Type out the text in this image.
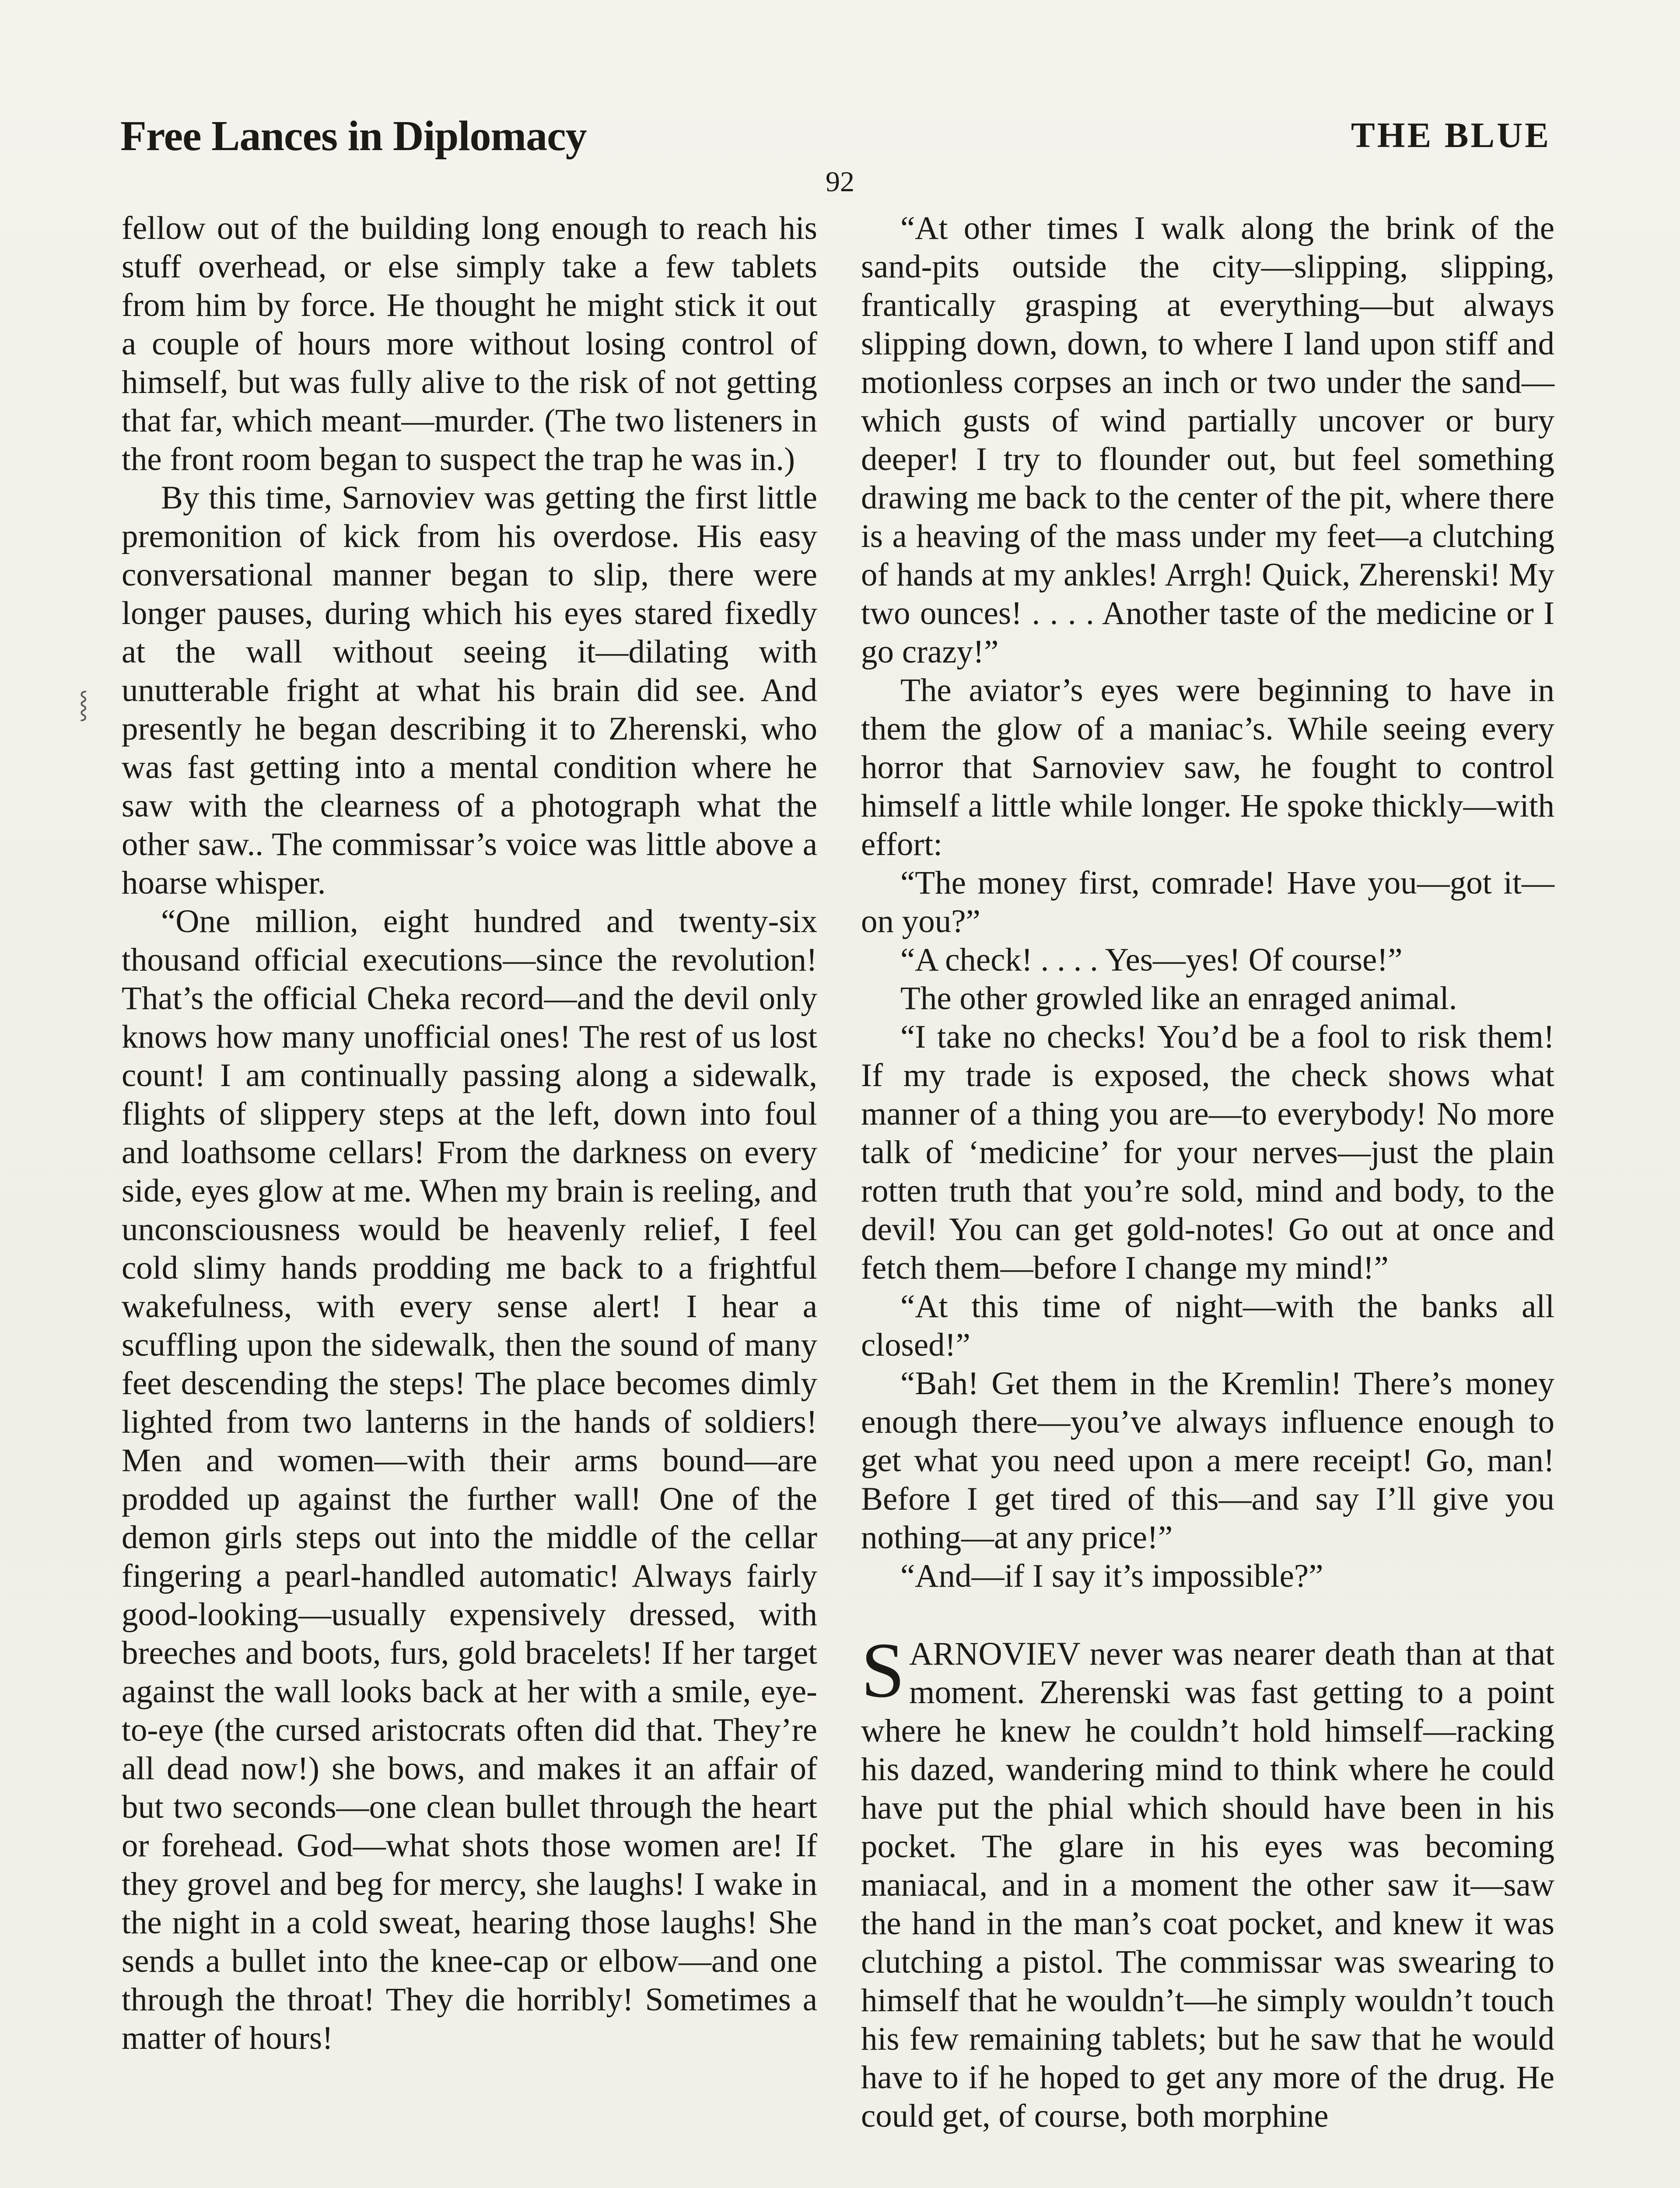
Free Lances in Diplomacy	THE BLUE
92
⸾

fellow out of the building long enough to reach his stuff overhead, or else simply take a few tablets from him by force. He thought he might stick it out a couple of hours more without losing control of himself, but was fully alive to the risk of not getting that far, which meant—murder. (The two listeners in the front room began to suspect the trap he was in.)

By this time, Sarnoviev was getting the first little premonition of kick from his overdose. His easy conversational manner began to slip, there were longer pauses, during which his eyes stared fixedly at the wall without seeing it—dilating with unutterable fright at what his brain did see. And presently he began describing it to Zherenski, who was fast getting into a mental condition where he saw with the clearness of a photograph what the other saw.. The commissar’s voice was little above a hoarse whisper.

“One million, eight hundred and twenty-six thousand official executions—since the revolution! That’s the official Cheka record—and the devil only knows how many unofficial ones! The rest of us lost count! I am continually passing along a sidewalk, flights of slippery steps at the left, down into foul and loathsome cellars! From the darkness on every side, eyes glow at me. When my brain is reeling, and unconsciousness would be heavenly relief, I feel cold slimy hands prodding me back to a frightful wakefulness, with every sense alert! I hear a scuffling upon the sidewalk, then the sound of many feet descending the steps! The place becomes dimly lighted from two lanterns in the hands of soldiers! Men and women—with their arms bound—are prodded up against the further wall! One of the demon girls steps out into the middle of the cellar fingering a pearl-handled automatic! Always fairly good-looking—usually expensively dressed, with breeches and boots, furs, gold bracelets! If her target against the wall looks back at her with a smile, eye-to-eye (the cursed aristocrats often did that. They’re all dead now!) she bows, and makes it an affair of but two seconds—one clean bullet through the heart or forehead. God—what shots those women are! If they grovel and beg for mercy, she laughs! I wake in the night in a cold sweat, hearing those laughs! She sends a bullet into the knee-cap or elbow—and one through the throat! They die horribly! Sometimes a matter of hours!

“At other times I walk along the brink of the sand-pits outside the city—slipping, slipping, frantically grasping at everything—but always slipping down, down, to where I land upon stiff and motionless corpses an inch or two under the sand—which gusts of wind partially uncover or bury deeper! I try to flounder out, but feel something drawing me back to the center of the pit, where there is a heaving of the mass under my feet—a clutching of hands at my ankles! Arrgh! Quick, Zherenski! My two ounces! . . . . Another taste of the medicine or I go crazy!”

The aviator’s eyes were beginning to have in them the glow of a maniac’s. While seeing every horror that Sarnoviev saw, he fought to control himself a little while longer. He spoke thickly—with effort:

“The money first, comrade! Have you—got it—on you?”

“A check! . . . . Yes—yes! Of course!”

The other growled like an enraged animal.

“I take no checks! You’d be a fool to risk them! If my trade is exposed, the check shows what manner of a thing you are—to everybody! No more talk of ‘medicine’ for your nerves—just the plain rotten truth that you’re sold, mind and body, to the devil! You can get gold-notes! Go out at once and fetch them—before I change my mind!”

“At this time of night—with the banks all closed!”

“Bah! Get them in the Kremlin! There’s money enough there—you’ve always influence enough to get what you need upon a mere receipt! Go, man! Before I get tired of this—and say I’ll give you nothing—at any price!”

“And—if I say it’s impossible?”

SARNOVIEV never was nearer death than at that moment. Zherenski was fast getting to a point where he knew he couldn’t hold himself—racking his dazed, wandering mind to think where he could have put the phial which should have been in his pocket. The glare in his eyes was becoming maniacal, and in a moment the other saw it—saw the hand in the man’s coat pocket, and knew it was clutching a pistol. The commissar was swearing to himself that he wouldn’t—he simply wouldn’t touch his few remaining tablets; but he saw that he would have to if he hoped to get any more of the drug. He could get, of course, both morphine
